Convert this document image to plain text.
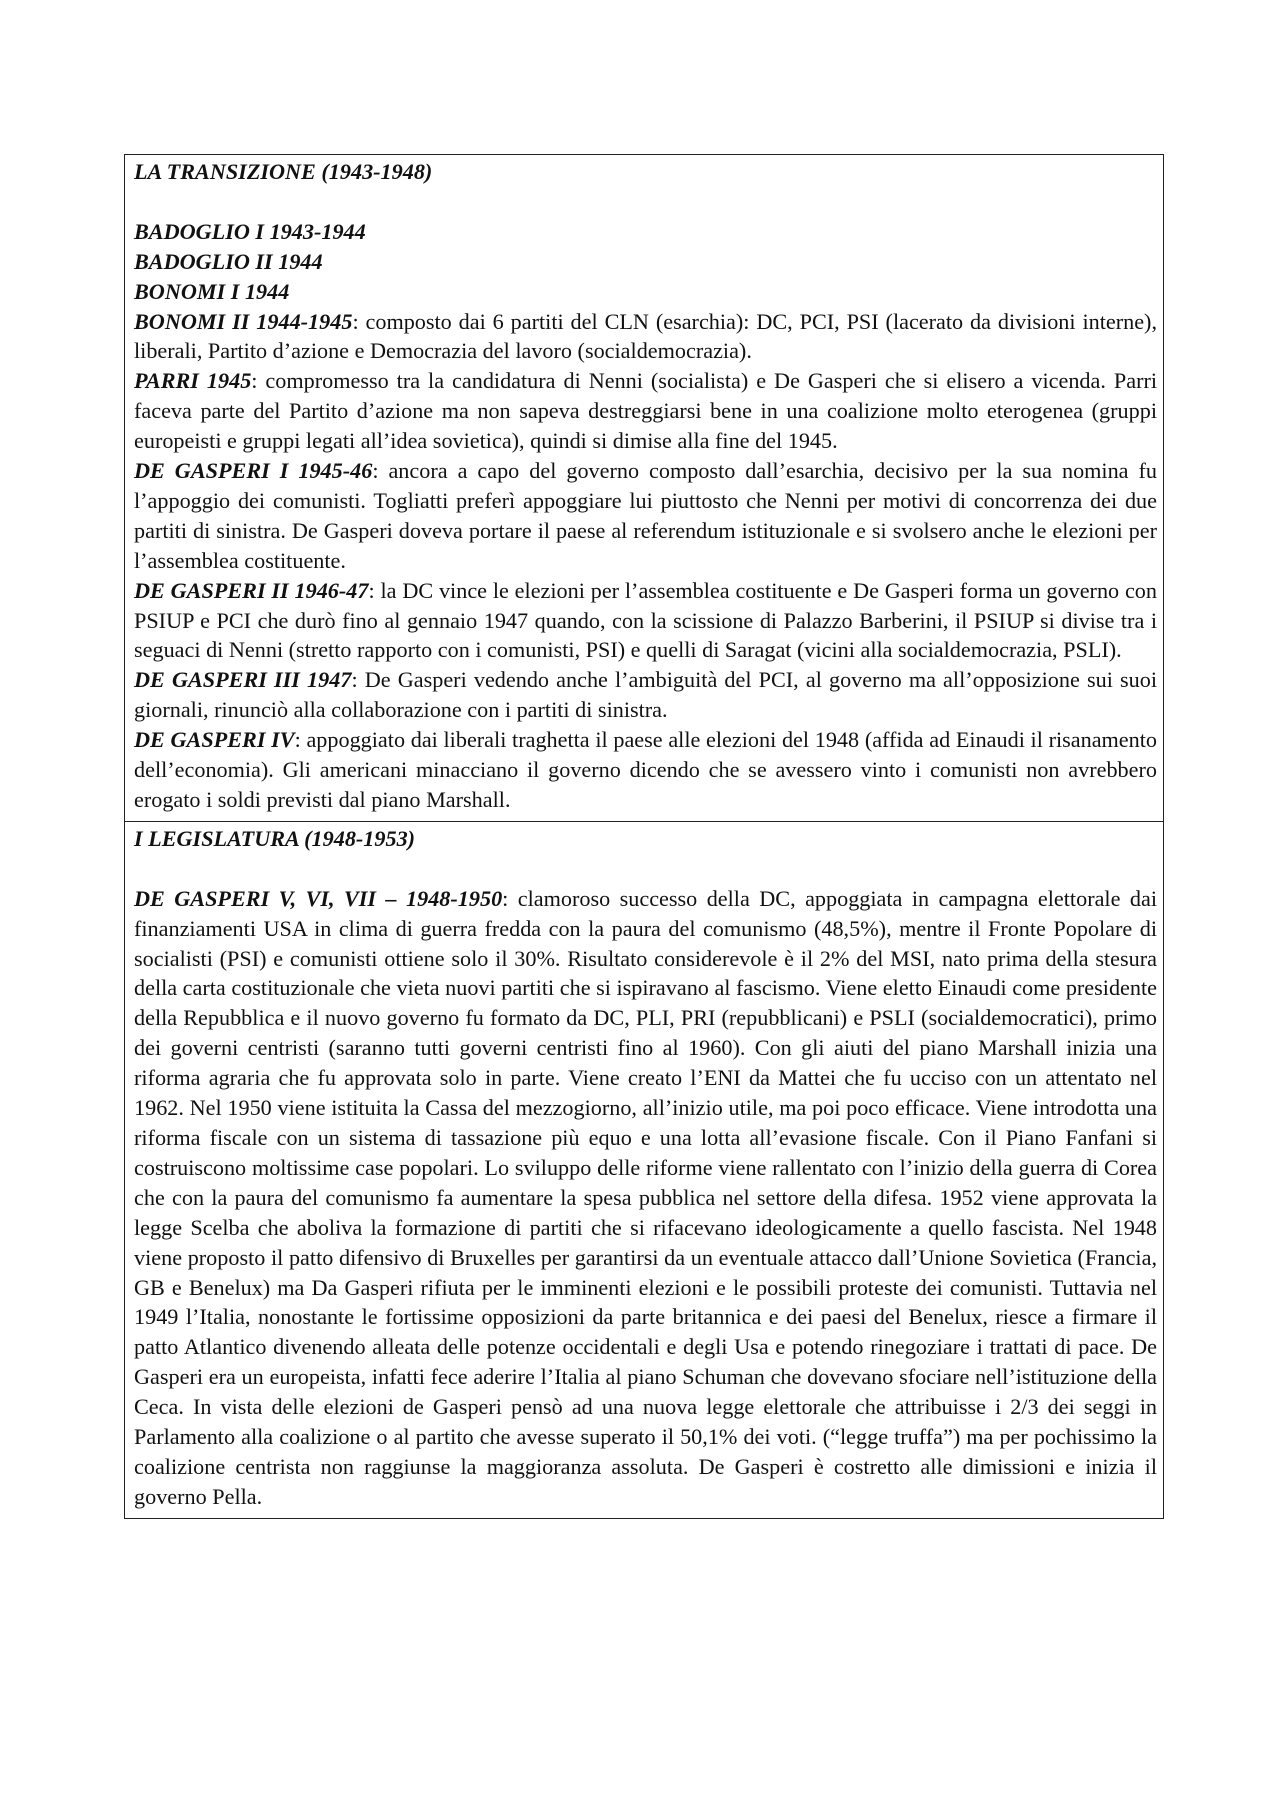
LA TRANSIZIONE (1943-1948)

BADOGLIO I 1943-1944

BADOGLIO II 1944

BONOMI I 1944

BONOMI II 1944-1945: composto dai 6 partiti del CLN (esarchia): DC, PCI, PSI (lacerato da divisioni interne), liberali, Partito d’azione e Democrazia del lavoro (socialdemocrazia).

PARRI 1945: compromesso tra la candidatura di Nenni (socialista) e De Gasperi che si elisero a vicenda. Parri faceva parte del Partito d’azione ma non sapeva destreggiarsi bene in una coalizione molto eterogenea (gruppi europeisti e gruppi legati all’idea sovietica), quindi si dimise alla fine del 1945.

DE GASPERI I 1945-46: ancora a capo del governo composto dall’esarchia, decisivo per la sua nomina fu l’appoggio dei comunisti. Togliatti preferì appoggiare lui piuttosto che Nenni per motivi di concorrenza dei due partiti di sinistra. De Gasperi doveva portare il paese al referendum istituzionale e si svolsero anche le elezioni per l’assemblea costituente.

DE GASPERI II 1946-47: la DC vince le elezioni per l’assemblea costituente e De Gasperi forma un governo con PSIUP e PCI che durò fino al gennaio 1947 quando, con la scissione di Palazzo Barberini, il PSIUP si divise tra i seguaci di Nenni (stretto rapporto con i comunisti, PSI) e quelli di Saragat (vicini alla socialdemocrazia, PSLI).

DE GASPERI III 1947: De Gasperi vedendo anche l’ambiguità del PCI, al governo ma all’opposizione sui suoi giornali, rinunciò alla collaborazione con i partiti di sinistra.

DE GASPERI IV: appoggiato dai liberali traghetta il paese alle elezioni del 1948 (affida ad Einaudi il risanamento dell’economia). Gli americani minacciano il governo dicendo che se avessero vinto i comunisti non avrebbero erogato i soldi previsti dal piano Marshall.

I LEGISLATURA (1948-1953)

DE GASPERI V, VI, VII – 1948-1950: clamoroso successo della DC, appoggiata in campagna elettorale dai finanziamenti USA in clima di guerra fredda con la paura del comunismo (48,5%), mentre il Fronte Popolare di socialisti (PSI) e comunisti ottiene solo il 30%. Risultato considerevole è il 2% del MSI, nato prima della stesura della carta costituzionale che vieta nuovi partiti che si ispiravano al fascismo. Viene eletto Einaudi come presidente della Repubblica e il nuovo governo fu formato da DC, PLI, PRI (repubblicani) e PSLI (socialdemocratici), primo dei governi centristi (saranno tutti governi centristi fino al 1960). Con gli aiuti del piano Marshall inizia una riforma agraria che fu approvata solo in parte. Viene creato l’ENI da Mattei che fu ucciso con un attentato nel 1962. Nel 1950 viene istituita la Cassa del mezzogiorno, all’inizio utile, ma poi poco efficace. Viene introdotta una riforma fiscale con un sistema di tassazione più equo e una lotta all’evasione fiscale. Con il Piano Fanfani si costruiscono moltissime case popolari. Lo sviluppo delle riforme viene rallentato con l’inizio della guerra di Corea che con la paura del comunismo fa aumentare la spesa pubblica nel settore della difesa. 1952 viene approvata la legge Scelba che aboliva la formazione di partiti che si rifacevano ideologicamente a quello fascista. Nel 1948 viene proposto il patto difensivo di Bruxelles per garantirsi da un eventuale attacco dall’Unione Sovietica (Francia, GB e Benelux) ma Da Gasperi rifiuta per le imminenti elezioni e le possibili proteste dei comunisti. Tuttavia nel 1949 l’Italia, nonostante le fortissime opposizioni da parte britannica e dei paesi del Benelux, riesce a firmare il patto Atlantico divenendo alleata delle potenze occidentali e degli Usa e potendo rinegoziare i trattati di pace. De Gasperi era un europeista, infatti fece aderire l’Italia al piano Schuman che dovevano sfociare nell’istituzione della Ceca. In vista delle elezioni de Gasperi pensò ad una nuova legge elettorale che attribuisse i 2/3 dei seggi in Parlamento alla coalizione o al partito che avesse superato il 50,1% dei voti. (“legge truffa”) ma per pochissimo la coalizione centrista non raggiunse la maggioranza assoluta. De Gasperi è costretto alle dimissioni e inizia il governo Pella.
